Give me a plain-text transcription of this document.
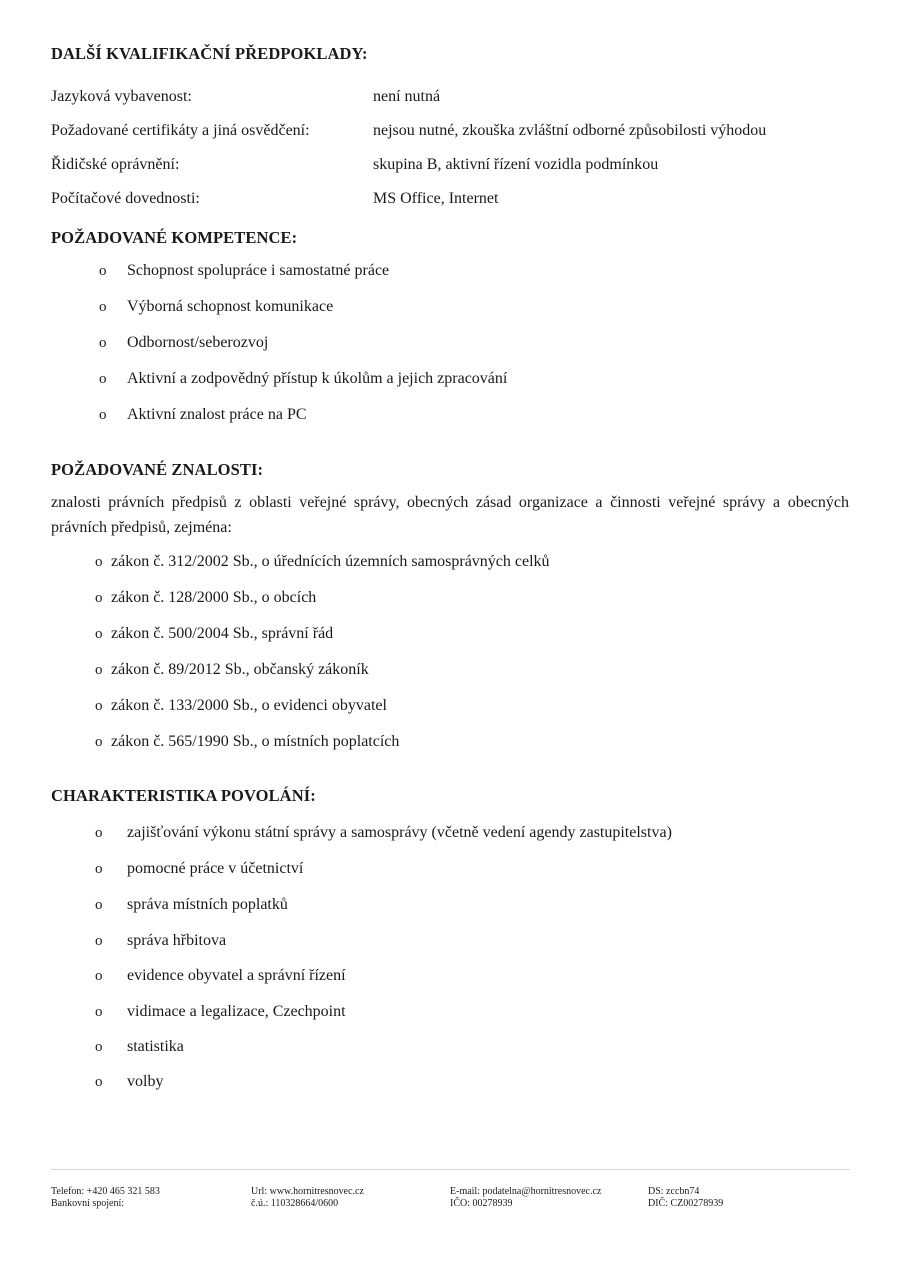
DALŠÍ KVALIFIKAČNÍ PŘEDPOKLADY:
Jazyková vybavenost:	není nutná
Požadované certifikáty a jiná osvědčení:	nejsou nutné, zkouška zvláštní odborné způsobilosti výhodou
Řidičské oprávnění:	skupina B, aktivní řízení vozidla podmínkou
Počítačové dovednosti:	MS Office, Internet
POŽADOVANÉ KOMPETENCE:
o Schopnost spolupráce i samostatné práce
o Výborná schopnost komunikace
o Odbornost/seberozvoj
o Aktivní a zodpovědný přístup k úkolům a jejich zpracování
o Aktivní znalost práce na PC
POŽADOVANÉ ZNALOSTI:
znalosti právních předpisů z oblasti veřejné správy, obecných zásad organizace a činnosti veřejné správy a obecných právních předpisů, zejména:
o zákon č. 312/2002 Sb., o úřednících územních samosprávných celků
o zákon č. 128/2000 Sb., o obcích
o zákon č. 500/2004 Sb., správní řád
o zákon č. 89/2012 Sb., občanský zákoník
o zákon č. 133/2000 Sb., o evidenci obyvatel
o zákon č. 565/1990 Sb., o místních poplatcích
CHARAKTERISTIKA POVOLÁNÍ:
o zajišťování výkonu státní správy a samosprávy (včetně vedení agendy zastupitelstva)
o pomocné práce v účetnictví
o správa místních poplatků
o správa hřbitova
o evidence obyvatel a správní řízení
o vidimace a legalizace, Czechpoint
o statistika
o volby
Telefon: +420 465 321 583
Bankovní spojení:
Url: www.hornitresnovec.cz
č.ú.: 110328664/0600
E-mail: podatelna@hornitresnovec.cz
IČO: 00278939
DS: zccbn74
DIČ: CZ00278939
